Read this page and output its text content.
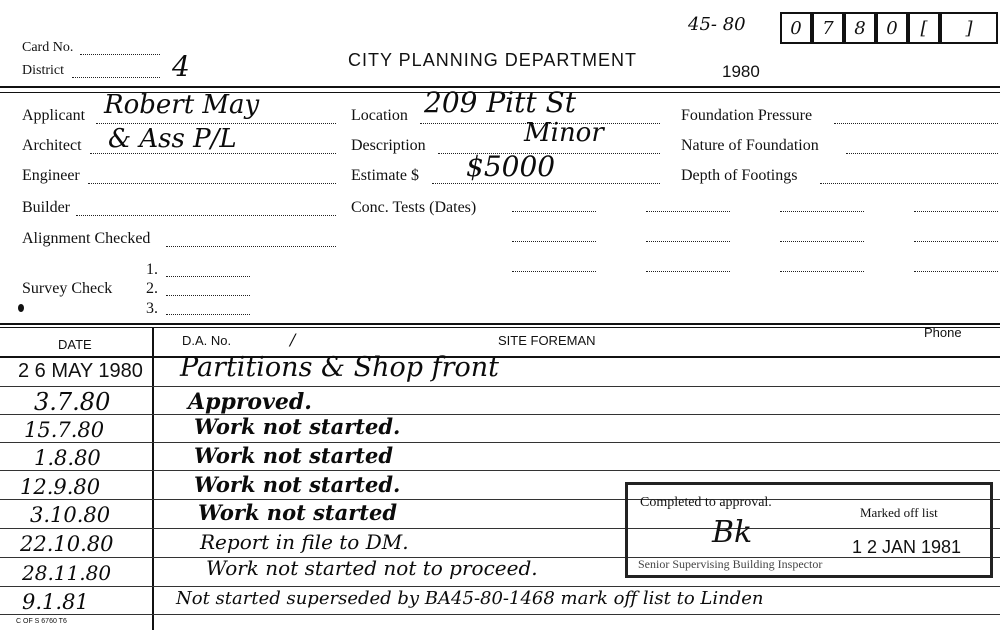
Card No.
District	4	CITY PLANNING DEPARTMENT
1980
45- 80	0	7	8	0	[	]
Applicant Robert May
Architect & Ass P/L
Engineer
Builder
Alignment Checked
Survey Check
1.
2.
3.
Location 209 Pitt St
Description	Minor
Estimate $ $5000
Conc. Tests (Dates)
Foundation Pressure
Nature of Foundation
Depth of Footings
DATE	D.A. No.	/	SITE FOREMAN
Phone
2 6 MAY 1980 Partitions & Shop front
3.7.80	Approved.
15.7.80	Work not started.
1.8.80	Work not started
12.9.80	Work not started.
3.10.80	Work not started
22.10.80	Report in file to DM.
28.11.80	Work not started not to proceed.
9.1.81	Not started superseded by BA45-80-1468 mark off list to Linden
Completed to approval.
Marked off list
Bk	1 2 JAN 1981
Senior Supervising Building Inspector
C OF S 6760 T6
